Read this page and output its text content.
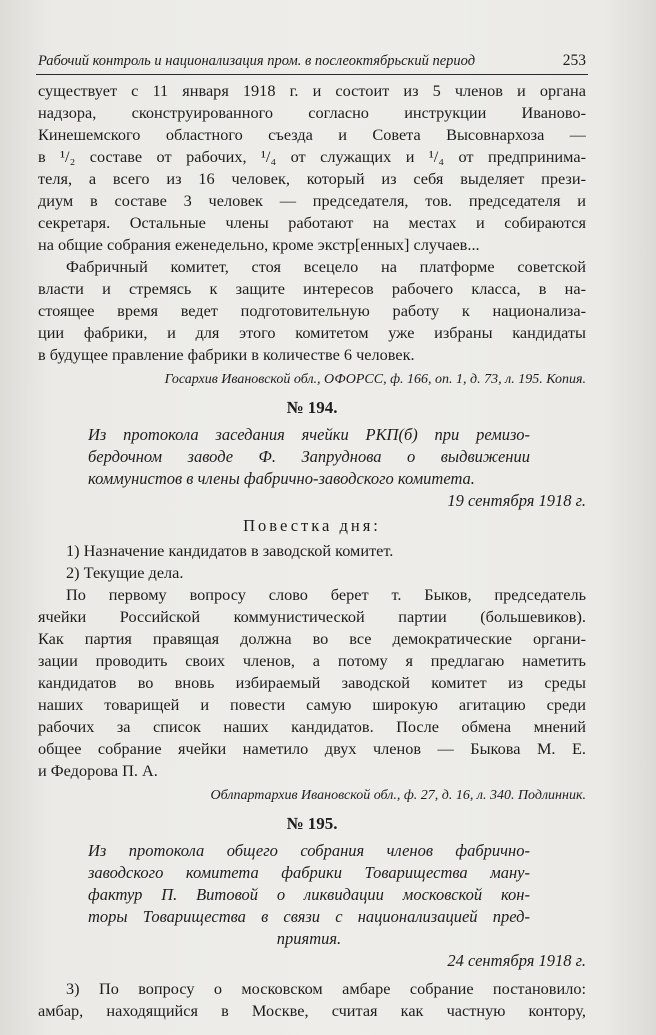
Рабочий контроль и национализация пром. в послеоктябрьский период	253
существует с 11 января 1918 г. и состоит из 5 членов и органа
надзора, сконструированного согласно инструкции Иваново-
Кинешемского областного съезда и Совета Высовнархоза —
в ¹/₂ составе от рабочих, ¹/₄ от служащих и ¹/₄ от предпринима-
теля, а всего из 16 человек, который из себя выделяет прези-
диум в составе 3 человек — председателя, тов. председателя и
секретаря. Остальные члены работают на местах и собираются
на общие собрания еженедельно, кроме экстр[енных] случаев...
Фабричный комитет, стоя всецело на платформе советской
власти и стремясь к защите интересов рабочего класса, в на-
стоящее время ведет подготовительную работу к национализа-
ции фабрики, и для этого комитетом уже избраны кандидаты
в будущее правление фабрики в количестве 6 человек.

Госархив Ивановской обл., ОФОРСС, ф. 166, оп. 1, д. 73, л. 195. Копия.

№ 194.
Из протокола заседания ячейки РКП(б) при ремизо-
бердочном заводе Ф. Запруднова о выдвижении
коммунистов в члены фабрично-заводского комитета.

19 сентября 1918 г.

Повестка дня:

1) Назначение кандидатов в заводской комитет.

2) Текущие дела.

По первому вопросу слово берет т. Быков, председатель
ячейки Российской коммунистической партии (большевиков).
Как партия правящая должна во все демократические органи-
зации проводить своих членов, а потому я предлагаю наметить
кандидатов во вновь избираемый заводской комитет из среды
наших товарищей и повести самую широкую агитацию среди
рабочих за список наших кандидатов. После обмена мнений
общее собрание ячейки наметило двух членов — Быкова М. Е.
и Федорова П. А.

Облпартархив Ивановской обл., ф. 27, д. 16, л. 340. Подлинник.

№ 195.
Из протокола общего собрания членов фабрично-
заводского комитета фабрики Товарищества ману-
фактур П. Витовой о ликвидации московской кон-
торы Товарищества в связи с национализацией пред-
приятия.

24 сентября 1918 г.

3) По вопросу о московском амбаре собрание постановило:
амбар, находящийся в Москве, считая как частную контору,
